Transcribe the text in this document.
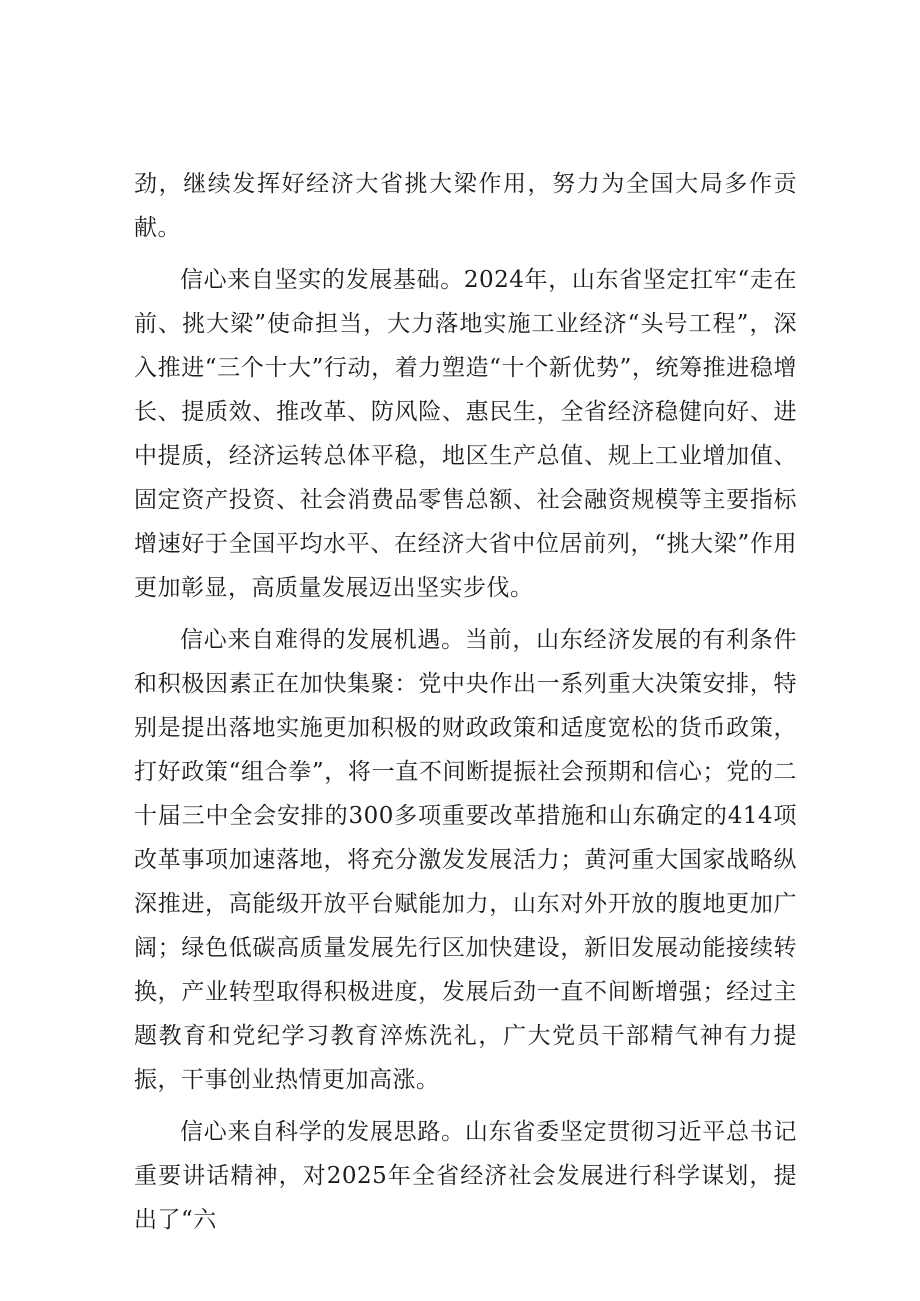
劲，继续发挥好经济大省挑大梁作用，努力为全国大局多作贡献。

信心来自坚实的发展基础。2024年，山东省坚定扛牢“走在前、挑大梁”使命担当，大力落地实施工业经济“头号工程”，深入推进“三个十大”行动，着力塑造“十个新优势”，统筹推进稳增长、提质效、推改革、防风险、惠民生，全省经济稳健向好、进中提质，经济运转总体平稳，地区生产总值、规上工业增加值、固定资产投资、社会消费品零售总额、社会融资规模等主要指标增速好于全国平均水平、在经济大省中位居前列，“挑大梁”作用更加彰显，高质量发展迈出坚实步伐。

信心来自难得的发展机遇。当前，山东经济发展的有利条件和积极因素正在加快集聚：党中央作出一系列重大决策安排，特别是提出落地实施更加积极的财政政策和适度宽松的货币政策，打好政策“组合拳”，将一直不间断提振社会预期和信心；党的二十届三中全会安排的300多项重要改革措施和山东确定的414项改革事项加速落地，将充分激发发展活力；黄河重大国家战略纵深推进，高能级开放平台赋能加力，山东对外开放的腹地更加广阔；绿色低碳高质量发展先行区加快建设，新旧发展动能接续转换，产业转型取得积极进度，发展后劲一直不间断增强；经过主题教育和党纪学习教育淬炼洗礼，广大党员干部精气神有力提振，干事创业热情更加高涨。

信心来自科学的发展思路。山东省委坚定贯彻习近平总书记重要讲话精神，对2025年全省经济社会发展进行科学谋划，提出了“六
